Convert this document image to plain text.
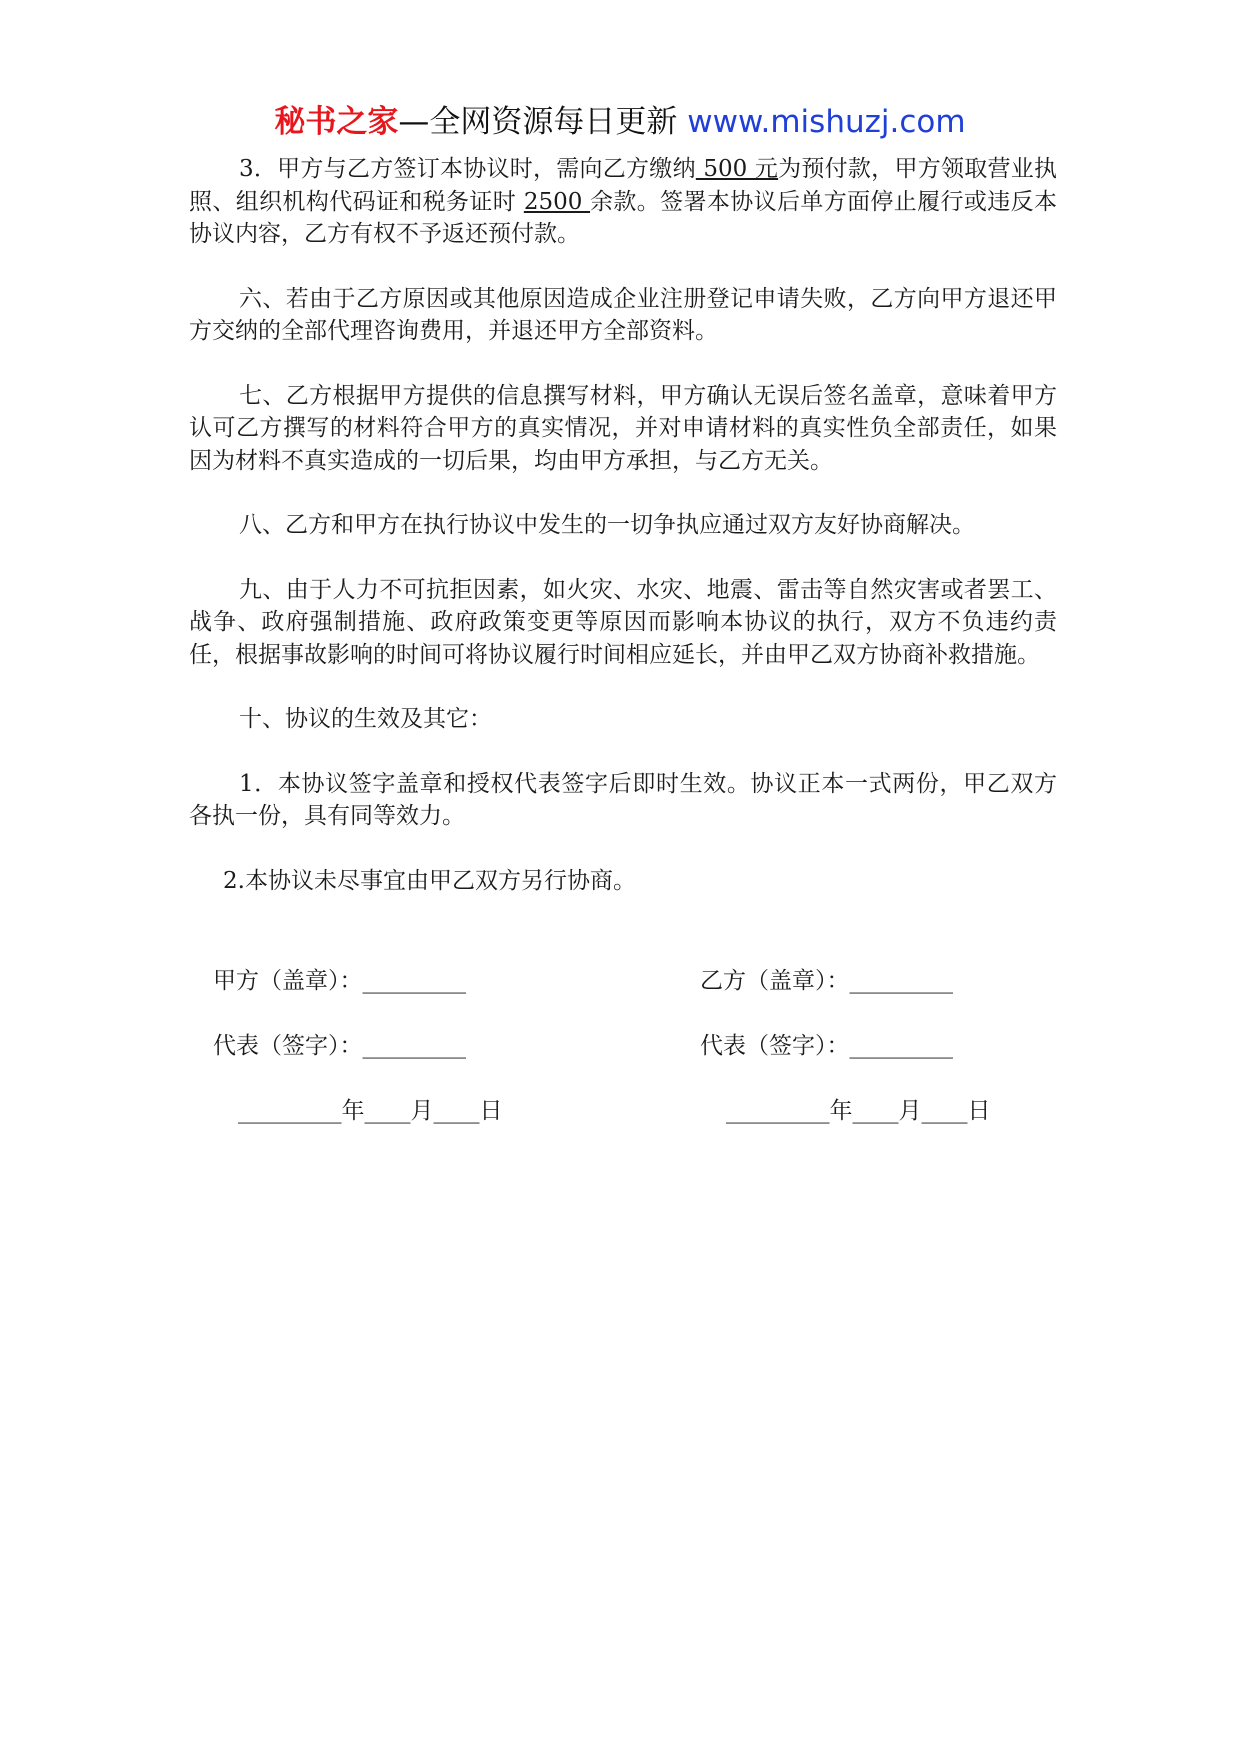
秘书之家—全网资源每日更新 www.mishuzj.com

3．甲方与乙方签订本协议时，需向乙方缴纳 500 元为预付款，甲方领取营业执照、组织机构代码证和税务证时 2500 余款。签署本协议后单方面停止履行或违反本协议内容，乙方有权不予返还预付款。

六、若由于乙方原因或其他原因造成企业注册登记申请失败，乙方向甲方退还甲方交纳的全部代理咨询费用，并退还甲方全部资料。

七、乙方根据甲方提供的信息撰写材料，甲方确认无误后签名盖章，意味着甲方认可乙方撰写的材料符合甲方的真实情况，并对申请材料的真实性负全部责任，如果因为材料不真实造成的一切后果，均由甲方承担，与乙方无关。

八、乙方和甲方在执行协议中发生的一切争执应通过双方友好协商解决。

九、由于人力不可抗拒因素，如火灾、水灾、地震、雷击等自然灾害或者罢工、战争、政府强制措施、政府政策变更等原因而影响本协议的执行，双方不负违约责任，根据事故影响的时间可将协议履行时间相应延长，并由甲乙双方协商补救措施。

十、协议的生效及其它：

1．本协议签字盖章和授权代表签字后即时生效。协议正本一式两份，甲乙双方各执一份，具有同等效力。

2.本协议未尽事宜由甲乙双方另行协商。

甲方（盖章）：_________	乙方（盖章）：_________
代表（签字）：_________	代表（签字）：_________
_________年____月____日	_________年____月____日
